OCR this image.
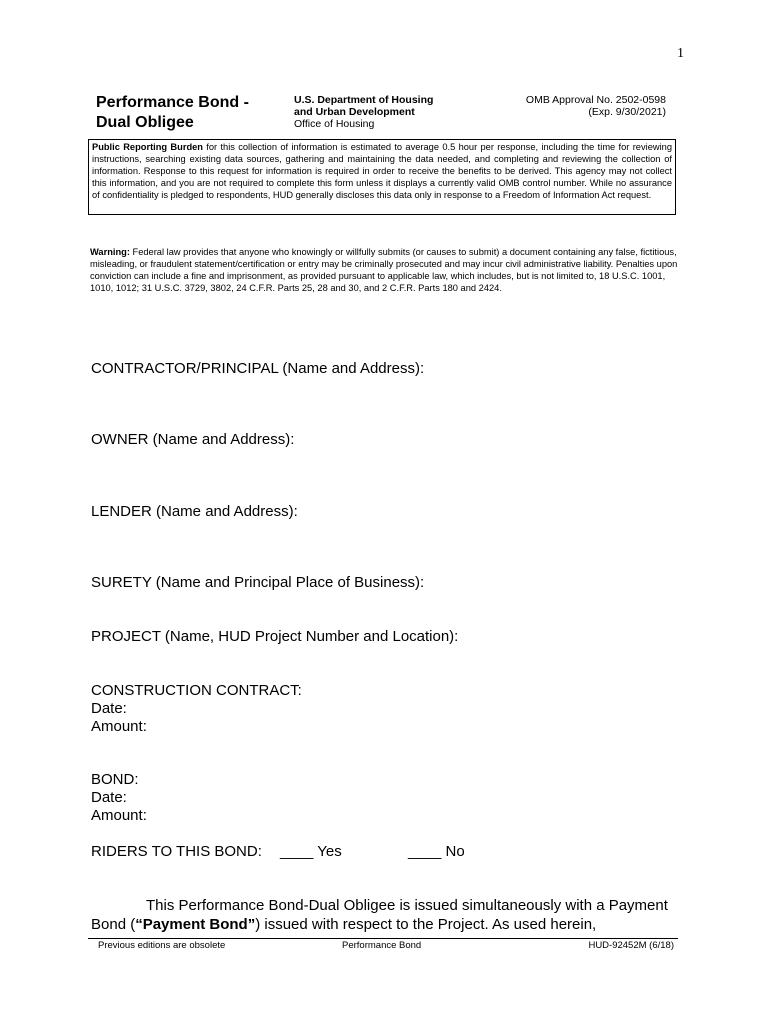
1
Performance Bond -
Dual Obligee
U.S. Department of Housing
and Urban Development
Office of Housing
OMB Approval No. 2502-0598
(Exp. 9/30/2021)
Public Reporting Burden for this collection of information is estimated to average 0.5 hour per response, including the time for reviewing instructions, searching existing data sources, gathering and maintaining the data needed, and completing and reviewing the collection of information. Response to this request for information is required in order to receive the benefits to be derived. This agency may not collect this information, and you are not required to complete this form unless it displays a currently valid OMB control number. While no assurance of confidentiality is pledged to respondents, HUD generally discloses this data only in response to a Freedom of Information Act request.
Warning: Federal law provides that anyone who knowingly or willfully submits (or causes to submit) a document containing any false, fictitious, misleading, or fraudulent statement/certification or entry may be criminally prosecuted and may incur civil administrative liability. Penalties upon conviction can include a fine and imprisonment, as provided pursuant to applicable law, which includes, but is not limited to, 18 U.S.C. 1001, 1010, 1012; 31 U.S.C. 3729, 3802, 24 C.F.R. Parts 25, 28 and 30, and 2 C.F.R. Parts 180 and 2424.
CONTRACTOR/PRINCIPAL (Name and Address):
OWNER (Name and Address):
LENDER (Name and Address):
SURETY (Name and Principal Place of Business):
PROJECT (Name, HUD Project Number and Location):
CONSTRUCTION CONTRACT:
Date:
Amount:
BOND:
Date:
Amount:
RIDERS TO THIS BOND: ____ Yes	____ No
This Performance Bond-Dual Obligee is issued simultaneously with a Payment Bond (“Payment Bond”) issued with respect to the Project. As used herein,
Previous editions are obsolete	Performance Bond	HUD-92452M (6/18)
